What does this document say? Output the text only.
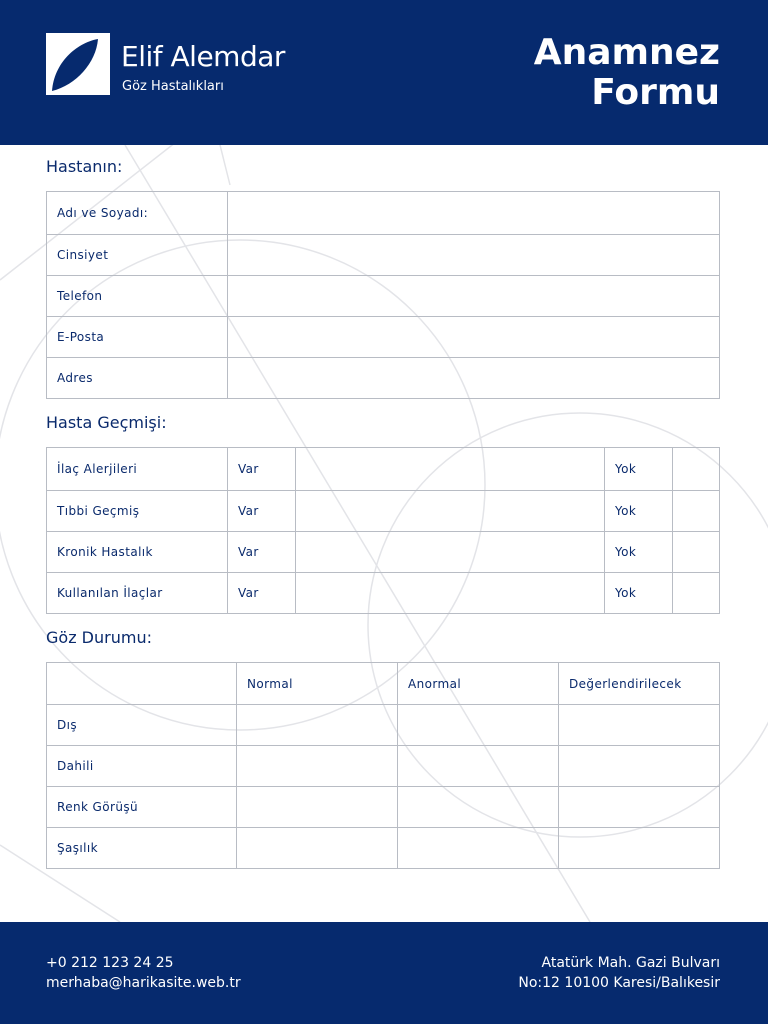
Elif Alemdar
Göz Hastalıkları
Anamnez
Formu
Hastanın:
Adı ve Soyadı:	
Cinsiyet	
Telefon	
E-Posta	
Adres	
Hasta Geçmişi:
İlaç Alerjileri	Var		Yok	
Tıbbi Geçmiş	Var		Yok	
Kronik Hastalık	Var		Yok	
Kullanılan İlaçlar	Var		Yok	
Göz Durumu:
	Normal	Anormal	Değerlendirilecek
Dış			
Dahili			
Renk Görüşü			
Şaşılık			
+0 212 123 24 25
merhaba@harikasite.web.tr
Atatürk Mah. Gazi Bulvarı
No:12 10100 Karesi/Balıkesir
